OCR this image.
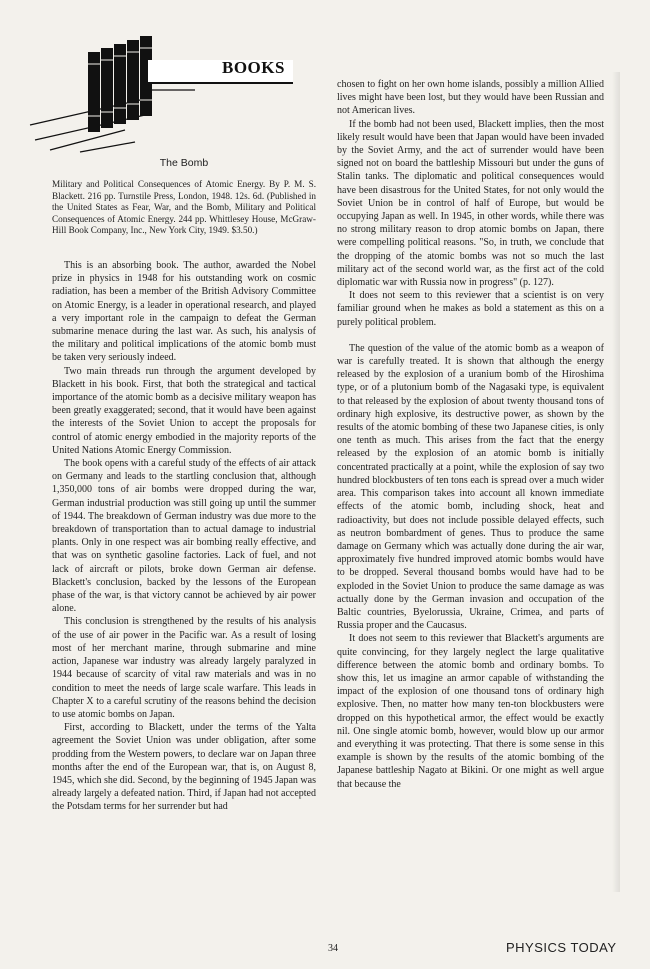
BOOKS
The Bomb

Military and Political Consequences of Atomic Energy. By P. M. S. Blackett. 216 pp. Turnstile Press, London, 1948. 12s. 6d. (Published in the United States as Fear, War, and the Bomb, Military and Political Consequences of Atomic Energy. 244 pp. Whittlesey House, McGraw-Hill Book Company, Inc., New York City, 1949. $3.50.)

This is an absorbing book. The author, awarded the Nobel prize in physics in 1948 for his outstanding work on cosmic radiation, has been a member of the British Advisory Committee on Atomic Energy, is a leader in operational research, and played a very important role in the campaign to defeat the German submarine menace during the last war. As such, his analysis of the military and political implications of the atomic bomb must be taken very seriously indeed.

Two main threads run through the argument developed by Blackett in his book. First, that both the strategical and tactical importance of the atomic bomb as a decisive military weapon has been greatly exaggerated; second, that it would have been against the interests of the Soviet Union to accept the proposals for control of atomic energy embodied in the majority reports of the United Nations Atomic Energy Commission.

The book opens with a careful study of the effects of air attack on Germany and leads to the startling conclusion that, although 1,350,000 tons of air bombs were dropped during the war, German industrial production was still going up until the summer of 1944. The breakdown of German industry was due more to the breakdown of transportation than to actual damage to industrial plants. Only in one respect was air bombing really effective, and that was on synthetic gasoline factories. Lack of fuel, and not lack of aircraft or pilots, broke down German air defense. Blackett's conclusion, backed by the lessons of the European phase of the war, is that victory cannot be achieved by air power alone.

This conclusion is strengthened by the results of his analysis of the use of air power in the Pacific war. As a result of losing most of her merchant marine, through submarine and mine action, Japanese war industry was already largely paralyzed in 1944 because of scarcity of vital raw materials and was in no condition to meet the needs of large scale warfare. This leads in Chapter X to a careful scrutiny of the reasons behind the decision to use atomic bombs on Japan.

First, according to Blackett, under the terms of the Yalta agreement the Soviet Union was under obligation, after some prodding from the Western powers, to declare war on Japan three months after the end of the European war, that is, on August 8, 1945, which she did. Second, by the beginning of 1945 Japan was already largely a defeated nation. Third, if Japan had not accepted the Potsdam terms for her surrender but had

chosen to fight on her own home islands, possibly a million Allied lives might have been lost, but they would have been Russian and not American lives.

If the bomb had not been used, Blackett implies, then the most likely result would have been that Japan would have been invaded by the Soviet Army, and the act of surrender would have been signed not on board the battleship Missouri but under the guns of Stalin tanks. The diplomatic and political consequences would have been disastrous for the United States, for not only would the Soviet Union be in control of half of Europe, but would be occupying Japan as well. In 1945, in other words, while there was no strong military reason to drop atomic bombs on Japan, there were compelling political reasons. "So, in truth, we conclude that the dropping of the atomic bombs was not so much the last military act of the second world war, as the first act of the cold diplomatic war with Russia now in progress" (p. 127).

It does not seem to this reviewer that a scientist is on very familiar ground when he makes as bold a statement as this on a purely political problem.

The question of the value of the atomic bomb as a weapon of war is carefully treated. It is shown that although the energy released by the explosion of a uranium bomb of the Hiroshima type, or of a plutonium bomb of the Nagasaki type, is equivalent to that released by the explosion of about twenty thousand tons of ordinary high explosive, its destructive power, as shown by the results of the atomic bombing of these two Japanese cities, is only one tenth as much. This arises from the fact that the energy released by the explosion of an atomic bomb is initially concentrated practically at a point, while the explosion of say two hundred blockbusters of ten tons each is spread over a much wider area. This comparison takes into account all known immediate effects of the atomic bomb, including shock, heat and radioactivity, but does not include possible delayed effects, such as neutron bombardment of genes. Thus to produce the same damage on Germany which was actually done during the air war, approximately five hundred improved atomic bombs would have to be dropped. Several thousand bombs would have had to be exploded in the Soviet Union to produce the same damage as was actually done by the German invasion and occupation of the Baltic countries, Byelorussia, Ukraine, Crimea, and parts of Russia proper and the Caucasus.

It does not seem to this reviewer that Blackett's arguments are quite convincing, for they largely neglect the large qualitative difference between the atomic bomb and ordinary bombs. To show this, let us imagine an armor capable of withstanding the impact of the explosion of one thousand tons of ordinary high explosive. Then, no matter how many ten-ton blockbusters were dropped on this hypothetical armor, the effect would be exactly nil. One single atomic bomb, however, would blow up our armor and everything it was protecting. That there is some sense in this example is shown by the results of the atomic bombing of the Japanese battleship Nagato at Bikini. Or one might as well argue that because the

34	PHYSICS TODAY
